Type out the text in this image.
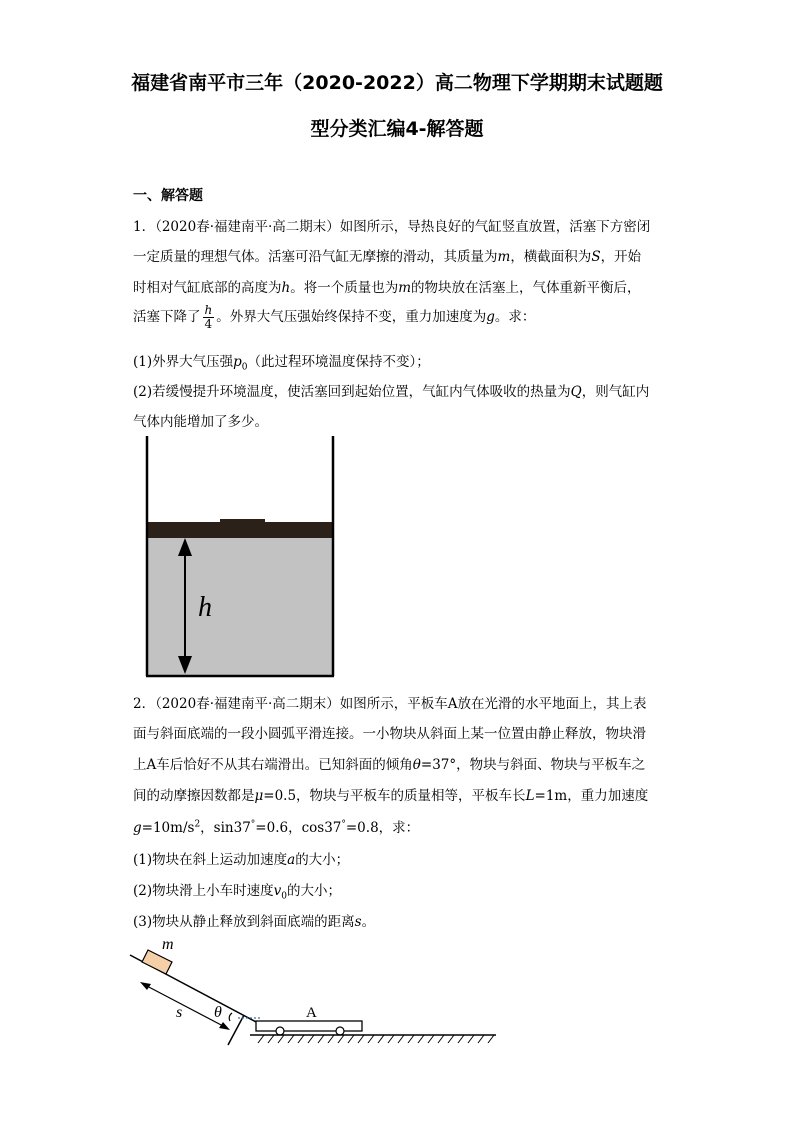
福建省南平市三年（2020-2022）高二物理下学期期末试题题
型分类汇编4-解答题
一、解答题
1．（2020春·福建南平·高二期末）如图所示，导热良好的气缸竖直放置，活塞下方密闭
一定质量的理想气体。活塞可沿气缸无摩擦的滑动，其质量为m，横截面积为S，开始
时相对气缸底部的高度为h。将一个质量也为m的物块放在活塞上，气体重新平衡后，
活塞下降了 $\frac{h}{4}$ 。外界大气压强始终保持不变，重力加速度为g。求：
(1)外界大气压强$p_0$（此过程环境温度保持不变）；
(2)若缓慢提升环境温度，使活塞回到起始位置，气缸内气体吸收的热量为Q，则气缸内
气体内能增加了多少。
h
2．（2020春·福建南平·高二期末）如图所示，平板车A放在光滑的水平地面上，其上表
面与斜面底端的一段小圆弧平滑连接。一小物块从斜面上某一位置由静止释放，物块滑
上A车后恰好不从其右端滑出。已知斜面的倾角θ=37°，物块与斜面、物块与平板车之
间的动摩擦因数都是μ=0.5，物块与平板车的质量相等，平板车长L=1m，重力加速度
$g=10m/s^2$，sin37°=0.6，cos37°=0.8，求：
(1)物块在斜上运动加速度a的大小；
(2)物块滑上小车时速度$v_0$的大小；
(3)物块从静止释放到斜面底端的距离s。
m
s θ	A
